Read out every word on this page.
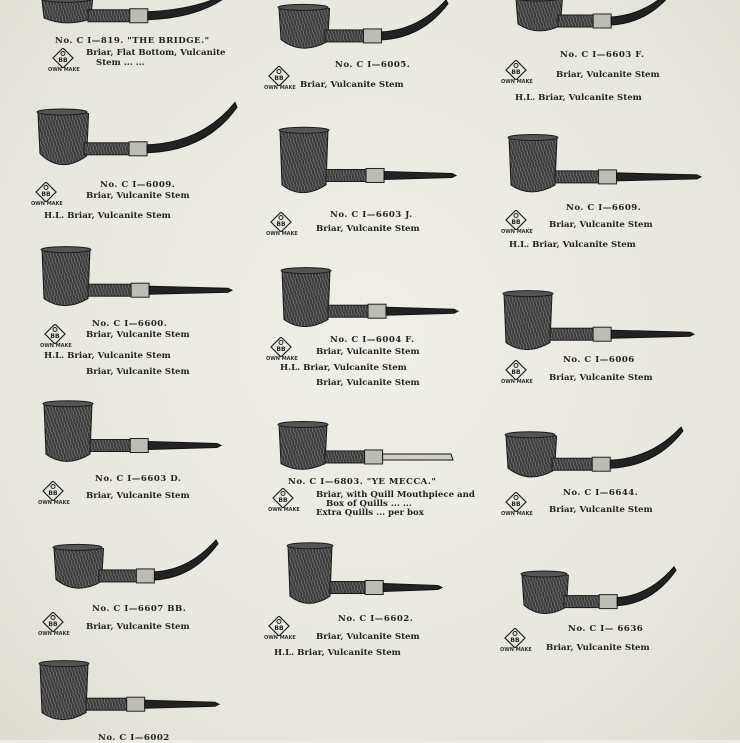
No. C I—819. "THE BRIDGE."
Briar, Flat Bottom, Vulcanite
Stem ... ...
BB
OWN MAKE
No. C I—6009.
Briar, Vulcanite Stem
H.L. Briar, Vulcanite Stem
BB
OWN MAKE
No. C I—6600.
Briar, Vulcanite Stem
H.L. Briar, Vulcanite Stem
Briar, Vulcanite Stem
BB
OWN MAKE
No. C I—6603 D.
Briar, Vulcanite Stem
BB
OWN MAKE
No. C I—6607 BB.
Briar, Vulcanite Stem
BB
OWN MAKE
No. C I—6002
No. C I—6005.
Briar, Vulcanite Stem
BB
OWN MAKE
No. C I—6603 J.
Briar, Vulcanite Stem
BB
OWN MAKE
No. C I—6004 F.
Briar, Vulcanite Stem
H.L. Briar, Vulcanite Stem
Briar, Vulcanite Stem
BB
OWN MAKE
No. C I—6803. "YE MECCA."
Briar, with Quill Mouthpiece and
Box of Quills ... ...
Extra Quills ... per box
BB
OWN MAKE
No. C I—6602.
Briar, Vulcanite Stem
H.L. Briar, Vulcanite Stem
BB
OWN MAKE
No. C I—6603 F.
Briar, Vulcanite Stem
H.L. Briar, Vulcanite Stem
BB
OWN MAKE
No. C I—6609.
Briar, Vulcanite Stem
H.L. Briar, Vulcanite Stem
BB
OWN MAKE
No. C I—6006
Briar, Vulcanite Stem
BB
OWN MAKE
No. C I—6644.
Briar, Vulcanite Stem
BB
OWN MAKE
No. C I— 6636
Briar, Vulcanite Stem
BB
OWN MAKE
